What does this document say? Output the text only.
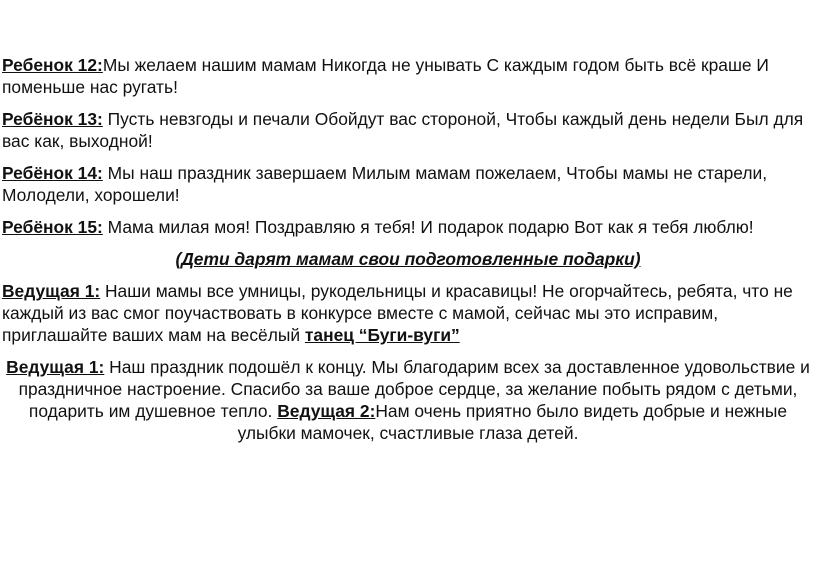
Ребенок 12:Мы желаем нашим мамам Никогда не унывать С каждым годом быть всё краше И поменьше нас ругать!

Ребёнок 13: Пусть невзгоды и печали Обойдут вас стороной, Чтобы каждый день недели Был для вас как, выходной!

Ребёнок 14: Мы наш праздник завершаем Милым мамам пожелаем, Чтобы мамы не старели, Молодели, хорошели!

Ребёнок 15: Мама милая моя! Поздравляю я тебя! И подарок подарю Вот как я тебя люблю!

(Дети дарят мамам свои подготовленные подарки)

Ведущая 1: Наши мамы все умницы, рукодельницы и красавицы! Не огорчайтесь, ребята, что не каждый из вас смог поучаствовать в конкурсе вместе с мамой, сейчас мы это исправим, приглашайте ваших мам на весёлый танец “Буги-вуги”

Ведущая 1: Наш праздник подошёл к концу. Мы благодарим всех за доставленное удовольствие и праздничное настроение. Спасибо за ваше доброе сердце, за желание побыть рядом с детьми, подарить им душевное тепло. Ведущая 2:Нам очень приятно было видеть добрые и нежные улыбки мамочек, счастливые глаза детей.
